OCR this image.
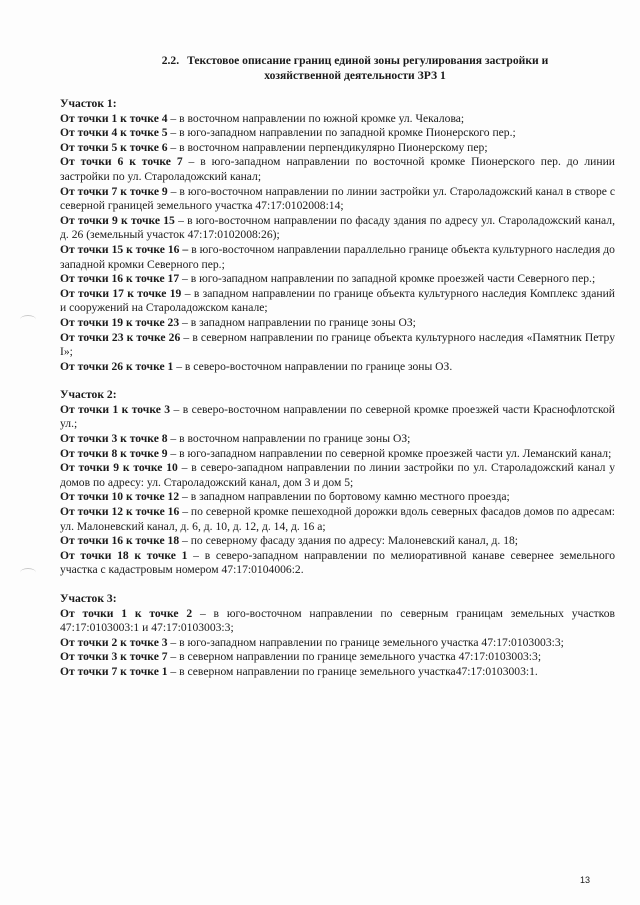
2.2. Текстовое описание границ единой зоны регулирования застройки и
хозяйственной деятельности ЗРЗ 1

Участок 1:

От точки 1 к точке 4 – в восточном направлении по южной кромке ул. Чекалова;

От точки 4 к точке 5 – в юго-западном направлении по западной кромке Пионерского пер.;

От точки 5 к точке 6 – в восточном направлении перпендикулярно Пионерскому пер;

От точки 6 к точке 7 – в юго-западном направлении по восточной кромке Пионерского пер. до линии застройки по ул. Староладожский канал;

От точки 7 к точке 9 – в юго-восточном направлении по линии застройки ул. Староладожский канал в створе с северной границей земельного участка 47:17:0102008:14;

От точки 9 к точке 15 – в юго-восточном направлении по фасаду здания по адресу ул. Староладожский канал, д. 26 (земельный участок 47:17:0102008:26);

От точки 15 к точке 16 – в юго-восточном направлении параллельно границе объекта культурного наследия до западной кромки Северного пер.;

От точки 16 к точке 17 – в юго-западном направлении по западной кромке проезжей части Северного пер.;

От точки 17 к точке 19 – в западном направлении по границе объекта культурного наследия Комплекс зданий и сооружений на Староладожском канале;

От точки 19 к точке 23 – в западном направлении по границе зоны ОЗ;

От точки 23 к точке 26 – в северном направлении по границе объекта культурного наследия «Памятник Петру I»;

От точки 26 к точке 1 – в северо-восточном направлении по границе зоны ОЗ.

Участок 2:

От точки 1 к точке 3 – в северо-восточном направлении по северной кромке проезжей части Краснофлотской ул.;

От точки 3 к точке 8 – в восточном направлении по границе зоны ОЗ;

От точки 8 к точке 9 – в юго-западном направлении по северной кромке проезжей части ул. Леманский канал;

От точки 9 к точке 10 – в северо-западном направлении по линии застройки по ул. Староладожский канал у домов по адресу: ул. Староладожский канал, дом 3 и дом 5;

От точки 10 к точке 12 – в западном направлении по бортовому камню местного проезда;

От точки 12 к точке 16 – по северной кромке пешеходной дорожки вдоль северных фасадов домов по адресам: ул. Малоневский канал, д. 6, д. 10, д. 12, д. 14, д. 16 а;

От точки 16 к точке 18 – по северному фасаду здания по адресу: Малоневский канал, д. 18;

От точки 18 к точке 1 – в северо-западном направлении по мелиоративной канаве севернее земельного участка с кадастровым номером 47:17:0104006:2.

Участок 3:

От точки 1 к точке 2 – в юго-восточном направлении по северным границам земельных участков 47:17:0103003:1 и 47:17:0103003:3;

От точки 2 к точке 3 – в юго-западном направлении по границе земельного участка 47:17:0103003:3;

От точки 3 к точке 7 – в северном направлении по границе земельного участка 47:17:0103003:3;

От точки 7 к точке 1 – в северном направлении по границе земельного участка47:17:0103003:1.

13
